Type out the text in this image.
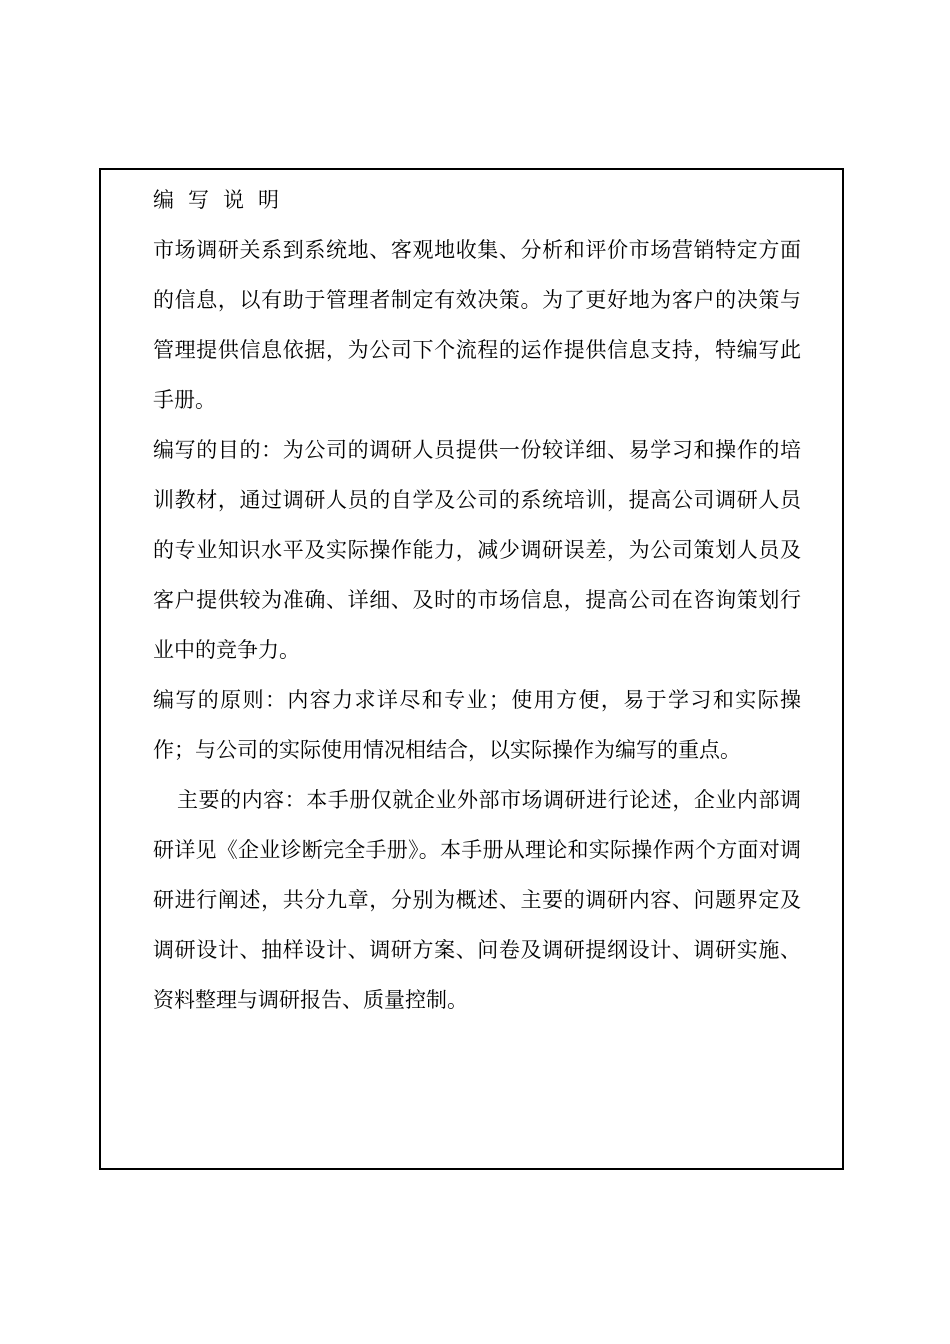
编写说明

市场调研关系到系统地、客观地收集、分析和评价市场营销特定方面的信息，以有助于管理者制定有效决策。为了更好地为客户的决策与管理提供信息依据，为公司下个流程的运作提供信息支持，特编写此手册。

编写的目的：为公司的调研人员提供一份较详细、易学习和操作的培训教材，通过调研人员的自学及公司的系统培训，提高公司调研人员的专业知识水平及实际操作能力，减少调研误差，为公司策划人员及客户提供较为准确、详细、及时的市场信息，提高公司在咨询策划行业中的竞争力。

编写的原则：内容力求详尽和专业；使用方便，易于学习和实际操作；与公司的实际使用情况相结合，以实际操作为编写的重点。

主要的内容：本手册仅就企业外部市场调研进行论述，企业内部调研详见《企业诊断完全手册》。本手册从理论和实际操作两个方面对调研进行阐述，共分九章，分别为概述、主要的调研内容、问题界定及调研设计、抽样设计、调研方案、问卷及调研提纲设计、调研实施、资料整理与调研报告、质量控制。
